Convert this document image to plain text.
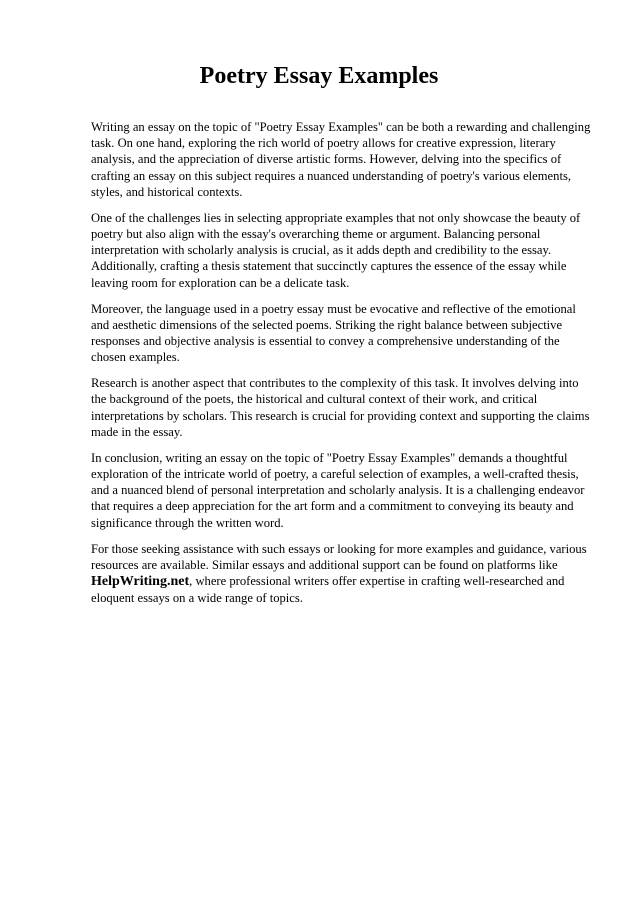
Poetry Essay Examples

Writing an essay on the topic of "Poetry Essay Examples" can be both a rewarding and challenging task. On one hand, exploring the rich world of poetry allows for creative expression, literary analysis, and the appreciation of diverse artistic forms. However, delving into the specifics of crafting an essay on this subject requires a nuanced understanding of poetry's various elements, styles, and historical contexts.

One of the challenges lies in selecting appropriate examples that not only showcase the beauty of poetry but also align with the essay's overarching theme or argument. Balancing personal interpretation with scholarly analysis is crucial, as it adds depth and credibility to the essay. Additionally, crafting a thesis statement that succinctly captures the essence of the essay while leaving room for exploration can be a delicate task.

Moreover, the language used in a poetry essay must be evocative and reflective of the emotional and aesthetic dimensions of the selected poems. Striking the right balance between subjective responses and objective analysis is essential to convey a comprehensive understanding of the chosen examples.

Research is another aspect that contributes to the complexity of this task. It involves delving into the background of the poets, the historical and cultural context of their work, and critical interpretations by scholars. This research is crucial for providing context and supporting the claims made in the essay.

In conclusion, writing an essay on the topic of "Poetry Essay Examples" demands a thoughtful exploration of the intricate world of poetry, a careful selection of examples, a well-crafted thesis, and a nuanced blend of personal interpretation and scholarly analysis. It is a challenging endeavor that requires a deep appreciation for the art form and a commitment to conveying its beauty and significance through the written word.

For those seeking assistance with such essays or looking for more examples and guidance, various resources are available. Similar essays and additional support can be found on platforms like HelpWriting.net, where professional writers offer expertise in crafting well-researched and eloquent essays on a wide range of topics.
